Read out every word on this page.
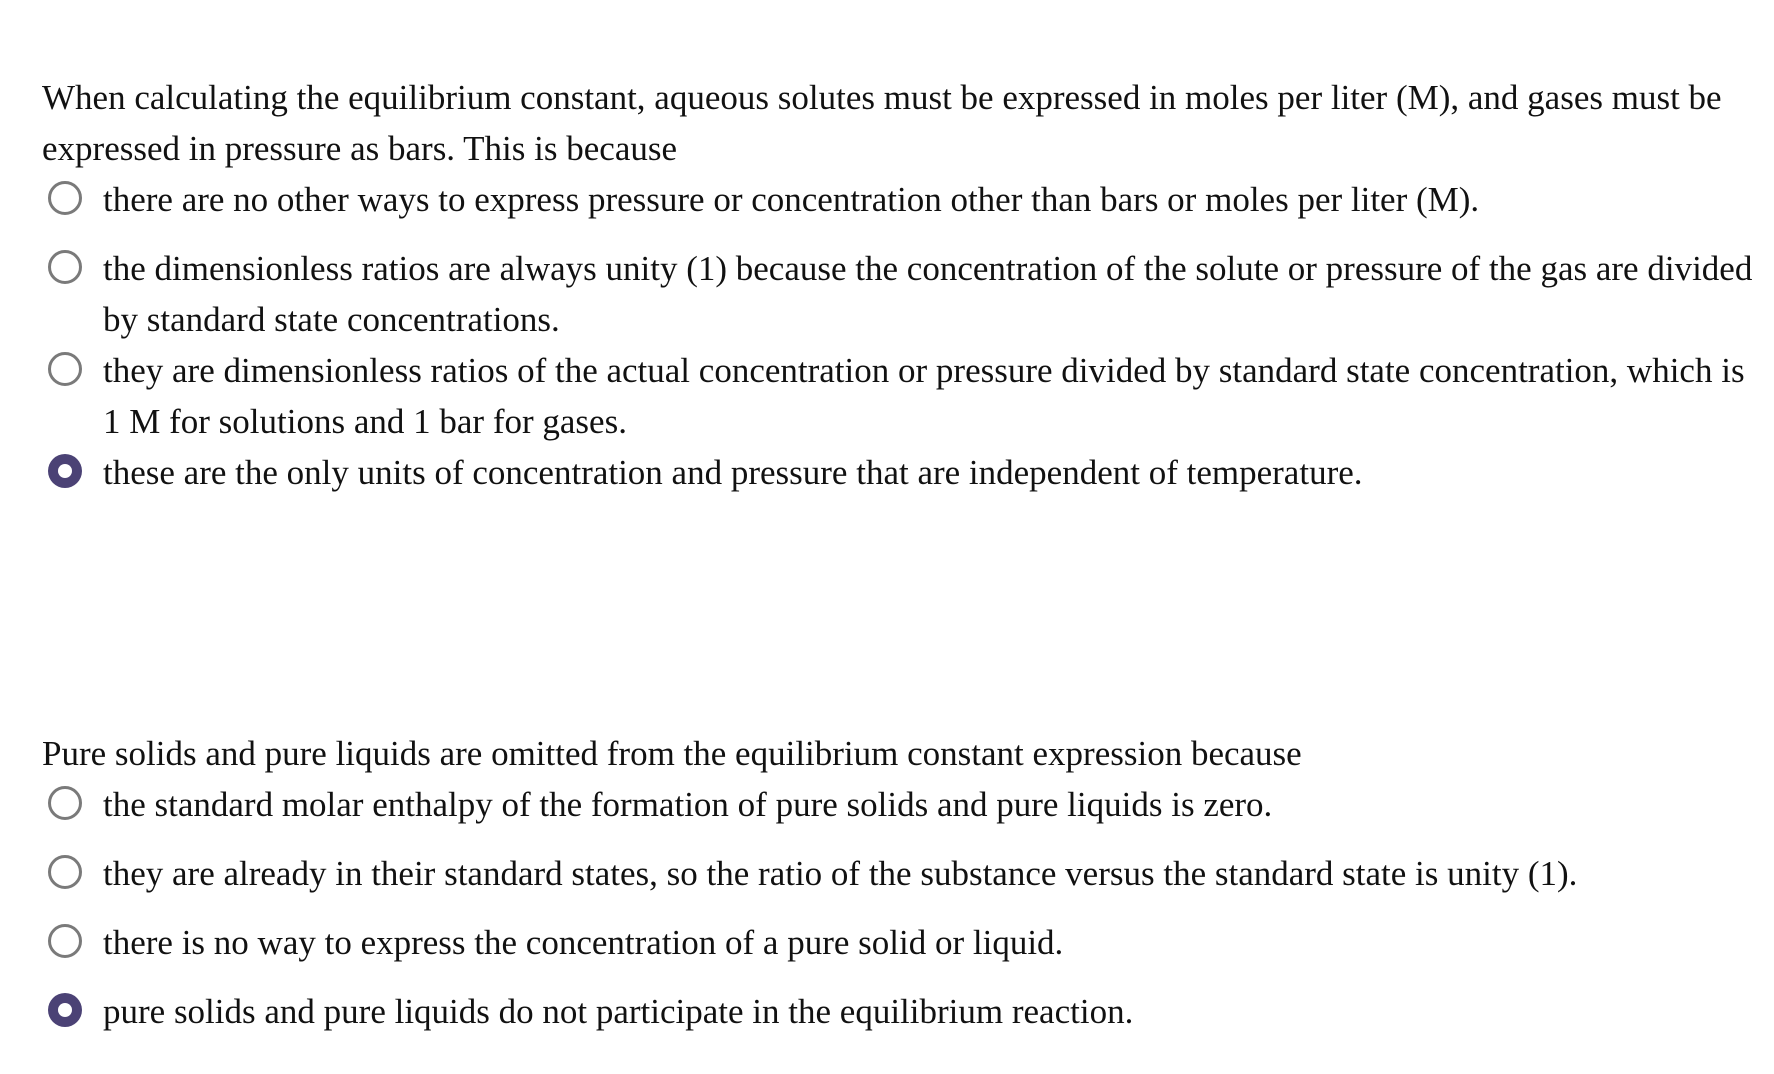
When calculating the equilibrium constant, aqueous solutes must be expressed in moles per liter (M), and gases must be expressed in pressure as bars. This is because

there are no other ways to express pressure or concentration other than bars or moles per liter (M).
the dimensionless ratios are always unity (1) because the concentration of the solute or pressure of the gas are divided by standard state concentrations.
they are dimensionless ratios of the actual concentration or pressure divided by standard state concentration, which is 1 M for solutions and 1 bar for gases.
these are the only units of concentration and pressure that are independent of temperature.

Pure solids and pure liquids are omitted from the equilibrium constant expression because

the standard molar enthalpy of the formation of pure solids and pure liquids is zero.
they are already in their standard states, so the ratio of the substance versus the standard state is unity (1).
there is no way to express the concentration of a pure solid or liquid.
pure solids and pure liquids do not participate in the equilibrium reaction.
